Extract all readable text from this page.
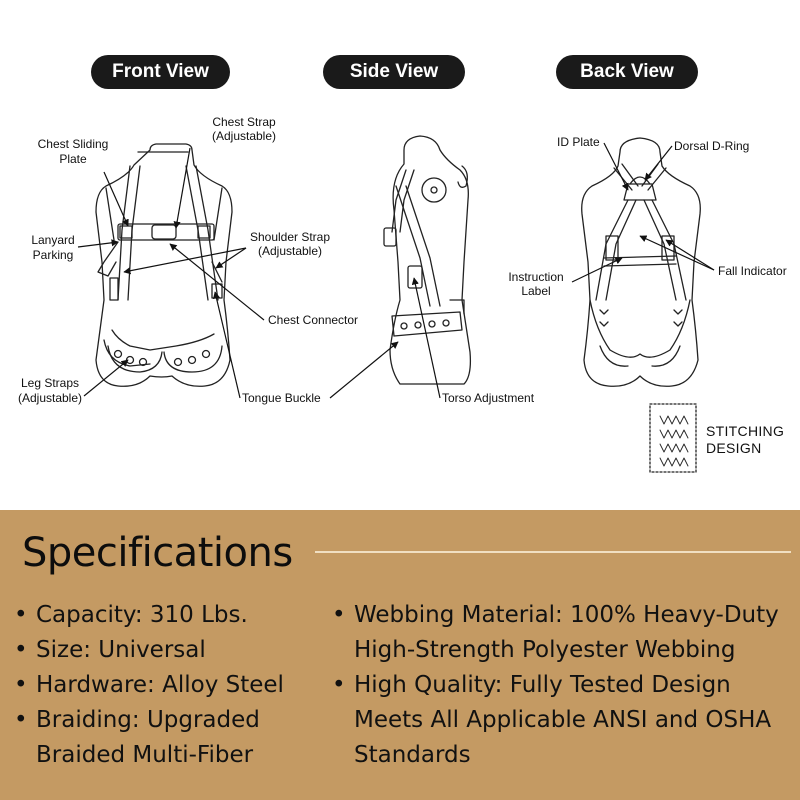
Chest Sliding
Plate
Chest Strap
(Adjustable)
Lanyard
Parking
Shoulder Strap
(Adjustable)
Chest Connector
Leg Straps
(Adjustable)	Tongue Buckle	Torso Adjustment
ID Plate	Dorsal D-Ring
Instruction
Label
Fall Indicator
Front View	Side View	Back View
STITCHING
DESIGN
Specifications
• Capacity: 310 Lbs.
• Size: Universal
• Hardware: Alloy Steel
• Braiding: Upgraded Braided Multi-Fiber
• Webbing Material: 100% Heavy-Duty High-Strength Polyester Webbing
• High Quality: Fully Tested Design Meets All Applicable ANSI and OSHA Standards
